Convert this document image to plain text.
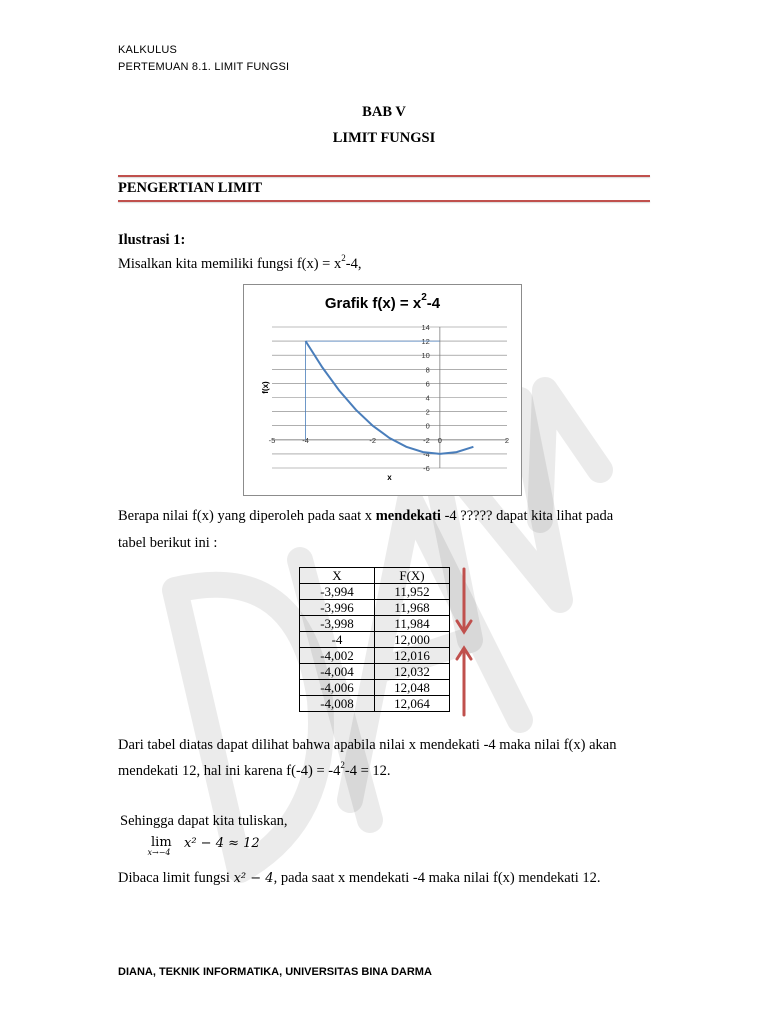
KALKULUS
PERTEMUAN 8.1. LIMIT FUNGSI
BAB V
LIMIT FUNGSI
PENGERTIAN LIMIT
Ilustrasi 1:
Misalkan kita memiliki fungsi $f(x) = x^2-4$,
Grafik $f(x) = x^2-4$
14
12
10
8
6
4
2
0
-2
-4
-6
-5	-4	-2	0	2
x
f(x)
Berapa nilai f(x) yang diperoleh pada saat x mendekati -4 ????? dapat kita lihat pada
tabel berikut ini :
X	F(X)
-3,994	11,952
-3,996	11,968
-3,998	11,984
-4	12,000
-4,002	12,016
-4,004	12,032
-4,006	12,048
-4,008	12,064
Dari tabel diatas dapat dilihat bahwa apabila nilai x mendekati -4 maka nilai f(x) akan
mendekati 12, hal ini karena $f(-4) = -4^2-4 = 12$.
Sehingga dapat kita tuliskan,
lim
x→−4
x² − 4 ≈ 12
Dibaca limit fungsi x² − 4, pada saat x mendekati -4 maka nilai f(x) mendekati 12.
DIANA, TEKNIK INFORMATIKA, UNIVERSITAS BINA DARMA
